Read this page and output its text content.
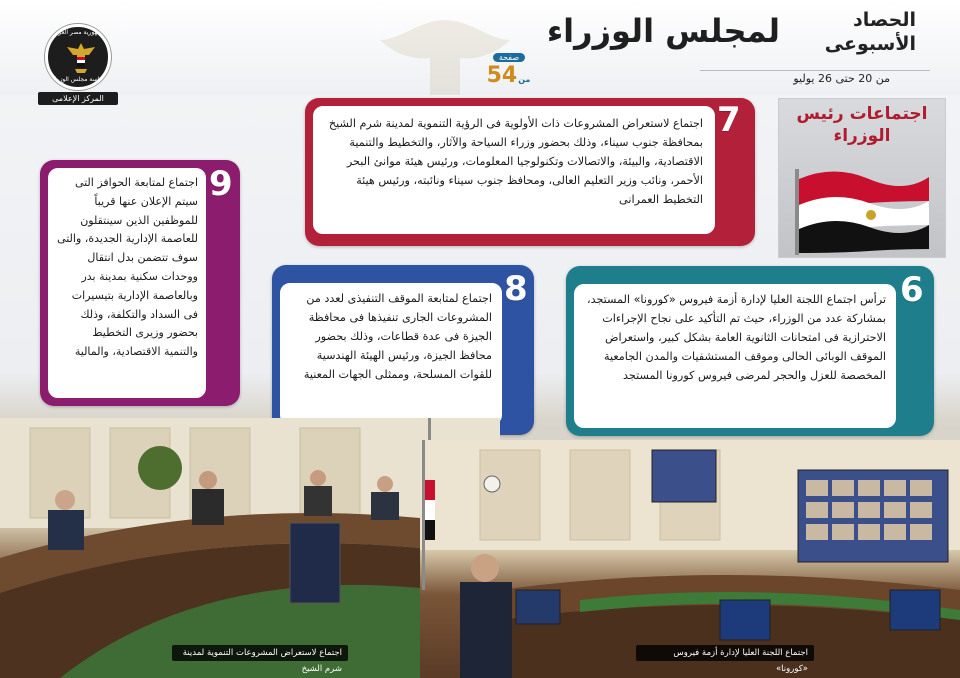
جمهورية مصر العربية
رئاسة مجلس الوزراء
المركز الإعلامى
لمجلس الوزراء	الحصاد
الأسبوعى
من 20 حتى 26 يوليو
صفحة
5 من4
اجتماعات رئيس
الوزراء
اجتماع لاستعراض المشروعات ذات الأولوية فى الرؤية التنموية لمدينة شرم الشيخ بمحافظة جنوب سيناء، وذلك بحضور وزراء السياحة والآثار، والتخطيط والتنمية الاقتصادية، والبيئة، والاتصالات وتكنولوجيا المعلومات، ورئيس هيئة موانئ البحر الأحمر، ونائب وزير التعليم العالى، ومحافظ جنوب سيناء ونائبته، ورئيس هيئة التخطيط العمرانى
7
اجتماع لمتابعة الحوافز التى سيتم الإعلان عنها قريباً للموظفين الذين سينتقلون للعاصمة الإدارية الجديدة، والتى سوف تتضمن بدل انتقال ووحدات سكنية بمدينة بدر وبالعاصمة الإدارية بتيسيرات فى السداد والتكلفة، وذلك بحضور وزيرى التخطيط والتنمية الاقتصادية، والمالية
9
اجتماع لمتابعة الموقف التنفيذى لعدد من المشروعات الجارى تنفيذها فى محافظة الجيزة فى عدة قطاعات، وذلك بحضور محافظ الجيزة، ورئيس الهيئة الهندسية للقوات المسلحة، وممثلى الجهات المعنية
8	ترأس اجتماع اللجنة العليا لإدارة أزمة فيروس «كورونا» المستجد، بمشاركة عدد من الوزراء، حيث تم التأكيد على نجاح الإجراءات الاحترازية فى امتحانات الثانوية العامة بشكل كبير، واستعراض الموقف الوبائى الحالى وموقف المستشفيات والمدن الجامعية المخصصة للعزل والحجر لمرضى فيروس كورونا المستجد
6
اجتماع لاستعراض المشروعات التنموية لمدينة شرم الشيخ
اجتماع اللجنة العليا لإدارة أزمة فيروس «كورونا»
